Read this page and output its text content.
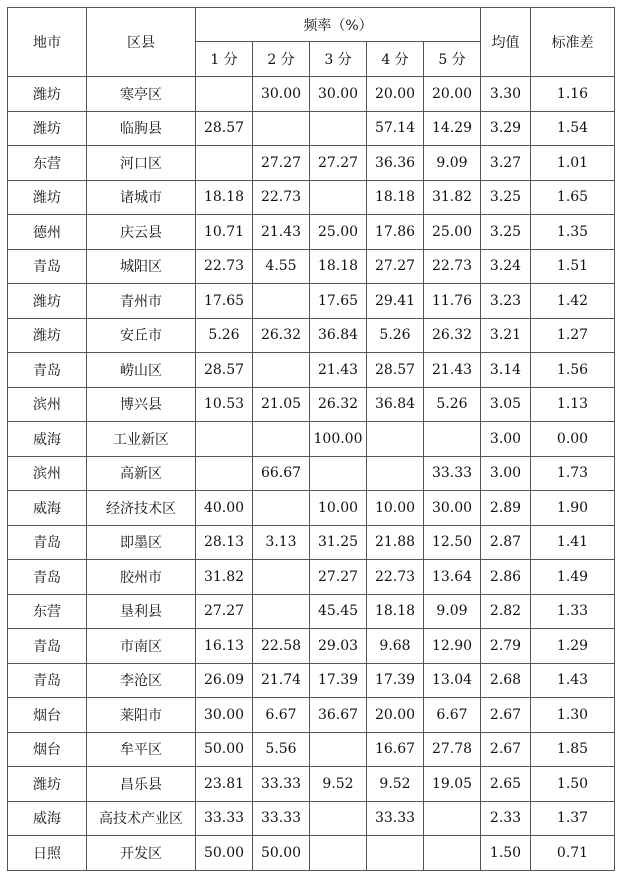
地市	区县	频率（%）					均值	标准差
		1 分	2 分	3 分	4 分	5 分		
潍坊	寒亭区		30.00	30.00	20.00	20.00	3.30	1.16
潍坊	临朐县	28.57			57.14	14.29	3.29	1.54
东营	河口区		27.27	27.27	36.36	9.09	3.27	1.01
潍坊	诸城市	18.18	22.73		18.18	31.82	3.25	1.65
德州	庆云县	10.71	21.43	25.00	17.86	25.00	3.25	1.35
青岛	城阳区	22.73	4.55	18.18	27.27	22.73	3.24	1.51
潍坊	青州市	17.65		17.65	29.41	11.76	3.23	1.42
潍坊	安丘市	5.26	26.32	36.84	5.26	26.32	3.21	1.27
青岛	崂山区	28.57		21.43	28.57	21.43	3.14	1.56
滨州	博兴县	10.53	21.05	26.32	36.84	5.26	3.05	1.13
威海	工业新区			100.00			3.00	0.00
滨州	高新区		66.67			33.33	3.00	1.73
威海	经济技术区	40.00		10.00	10.00	30.00	2.89	1.90
青岛	即墨区	28.13	3.13	31.25	21.88	12.50	2.87	1.41
青岛	胶州市	31.82		27.27	22.73	13.64	2.86	1.49
东营	垦利县	27.27		45.45	18.18	9.09	2.82	1.33
青岛	市南区	16.13	22.58	29.03	9.68	12.90	2.79	1.29
青岛	李沧区	26.09	21.74	17.39	17.39	13.04	2.68	1.43
烟台	莱阳市	30.00	6.67	36.67	20.00	6.67	2.67	1.30
烟台	牟平区	50.00	5.56		16.67	27.78	2.67	1.85
潍坊	昌乐县	23.81	33.33	9.52	9.52	19.05	2.65	1.50
威海	高技术产业区	33.33	33.33		33.33		2.33	1.37
日照	开发区	50.00	50.00				1.50	0.71
